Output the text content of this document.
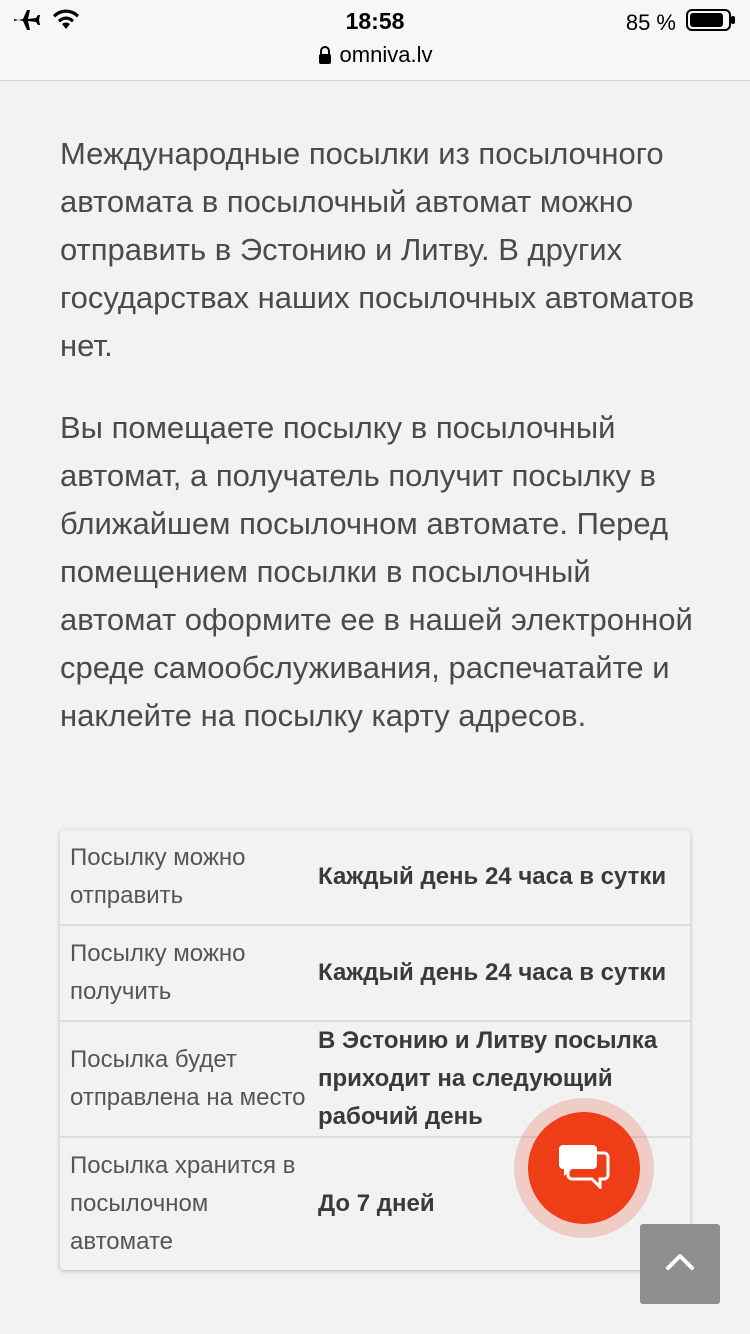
18:58	85 %
omniva.lv

Международные посылки из посылочного автомата в посылочный автомат можно отправить в Эстонию и Литву. В других государствах наших посылочных автоматов нет.

Вы помещаете посылку в посылочный автомат, а получатель получит посылку в ближайшем посылочном автомате. Перед помещением посылки в посылочный автомат оформите ее в нашей электронной среде самообслуживания, распечатайте и наклейте на посылку карту адресов.

Посылку можно отправить
Каждый день 24 часа в сутки
Посылку можно получить
Каждый день 24 часа в сутки
Посылка будет отправлена на место
В Эстонию и Литву посылка приходит на следующий рабочий день
Посылка хранится в посылочном автомате
До 7 дней
